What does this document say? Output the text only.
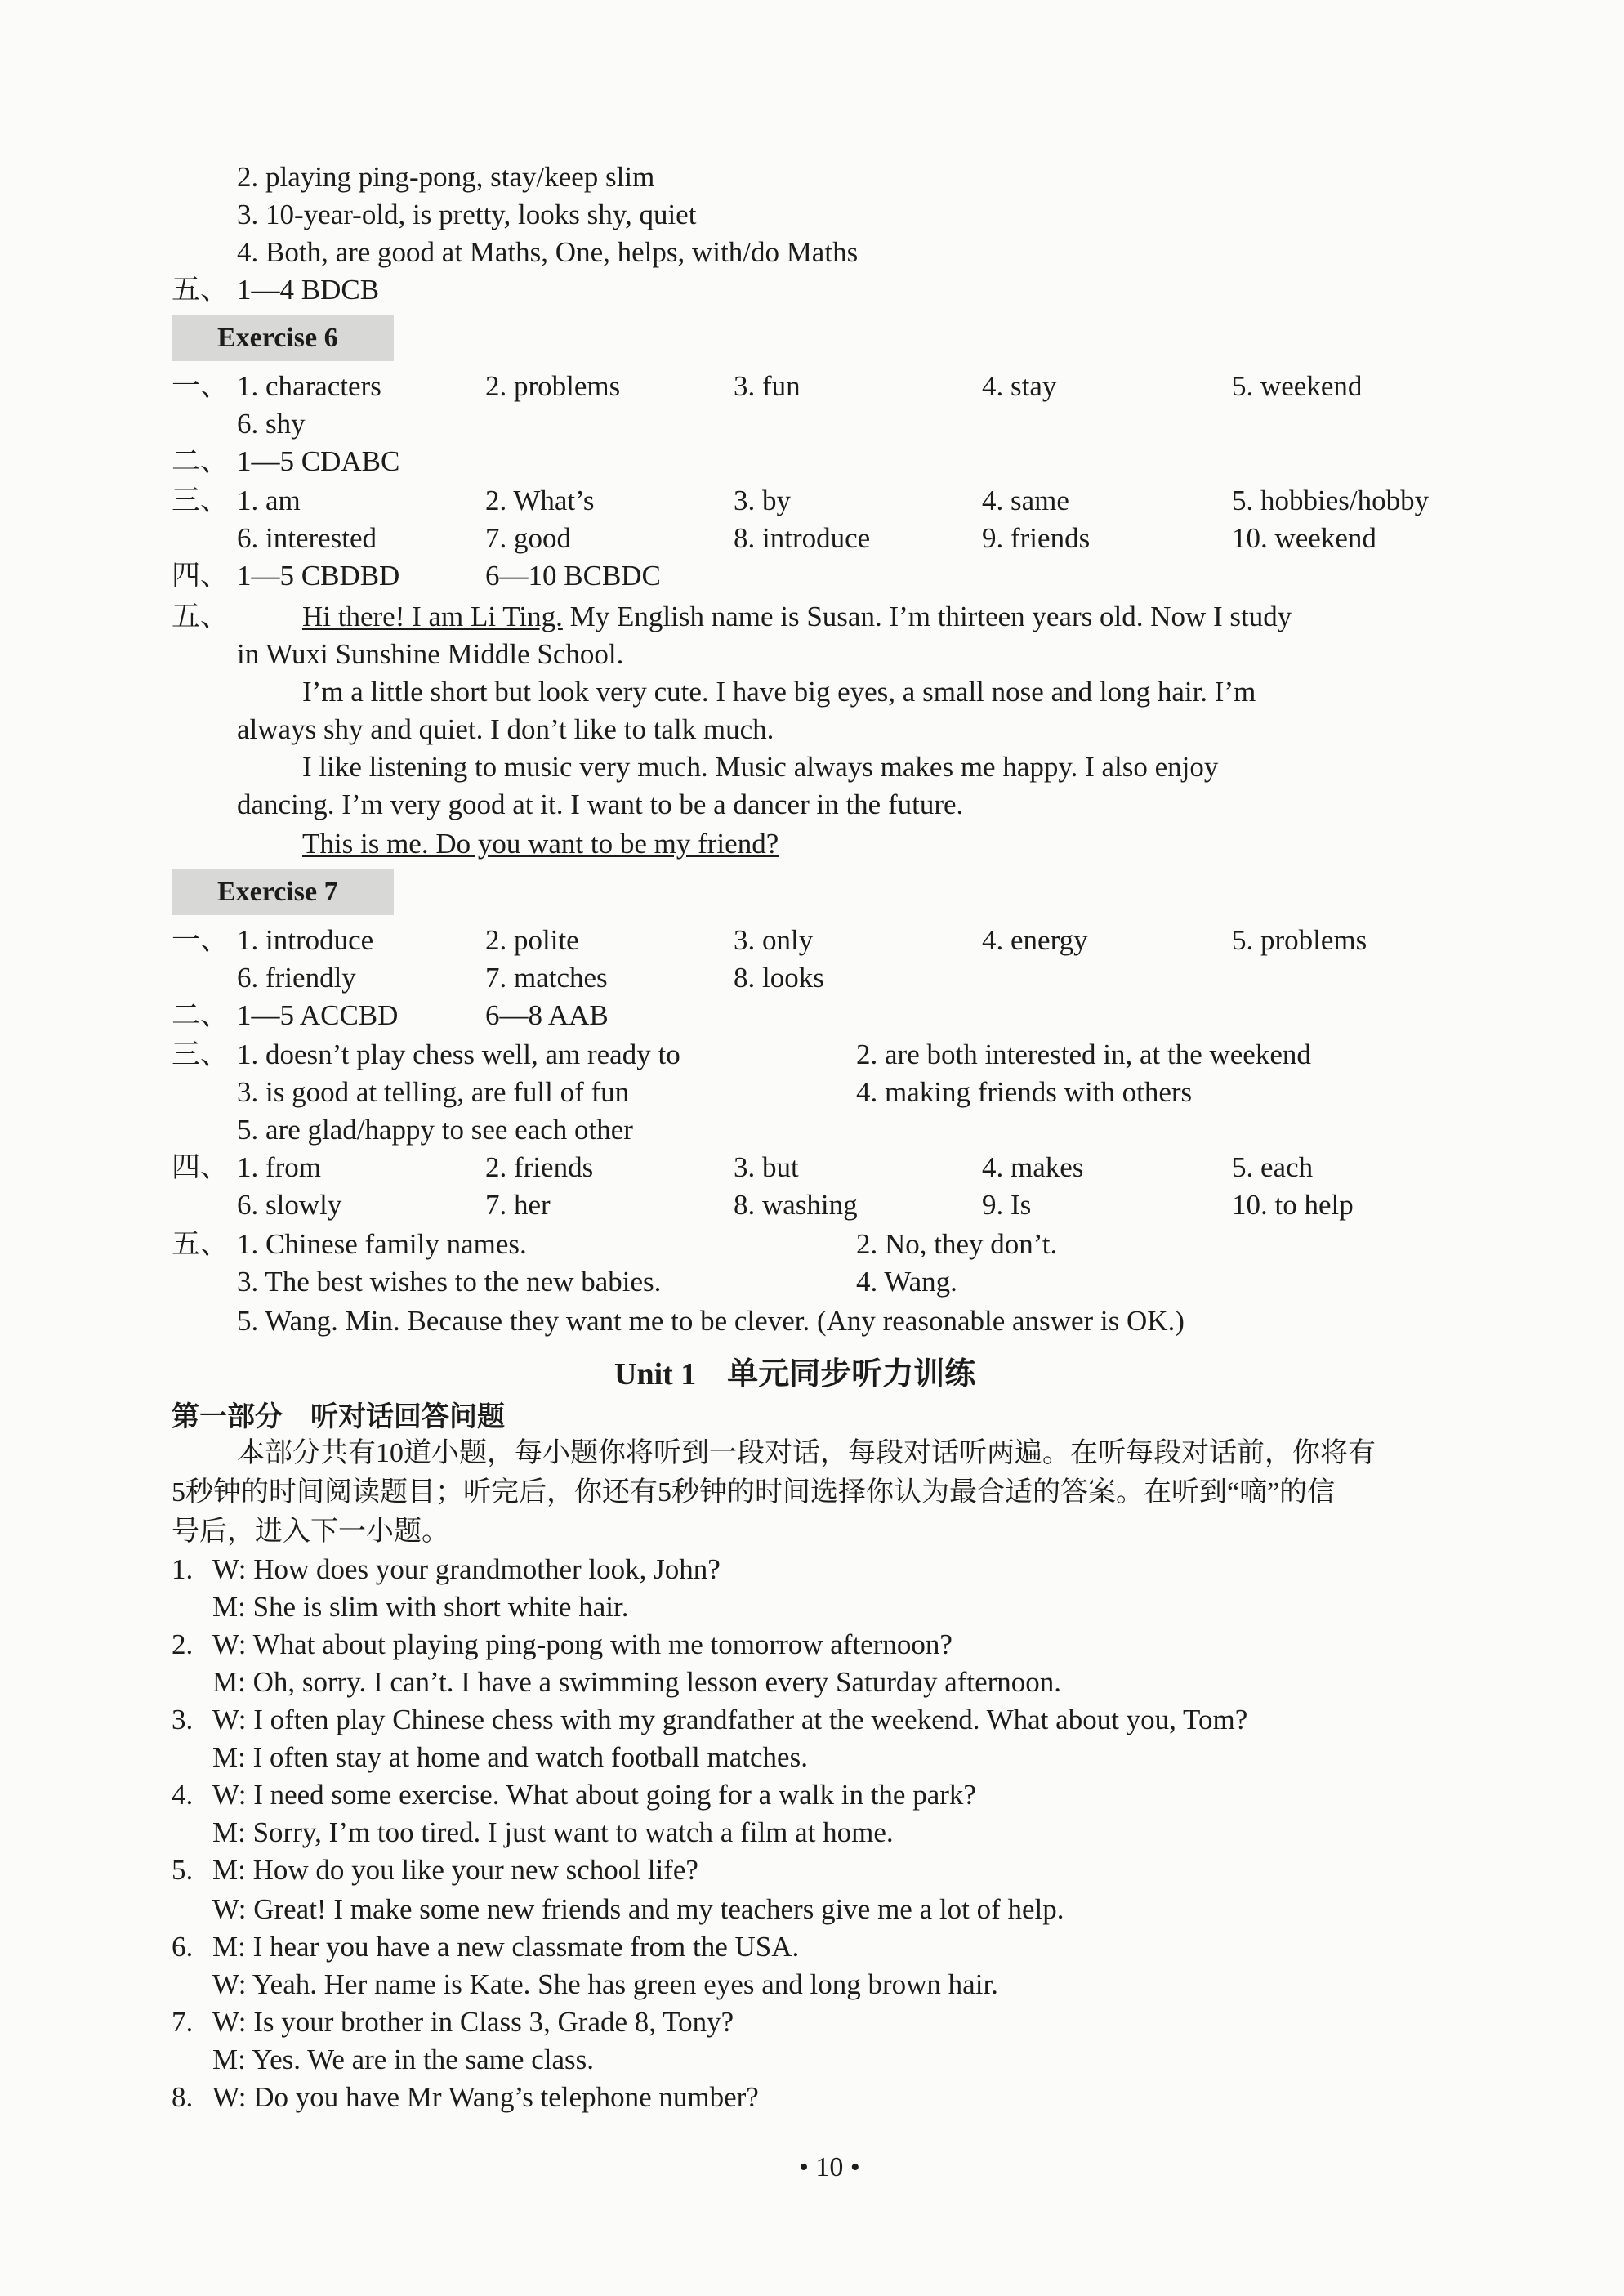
2. playing ping-pong, stay/keep slim
3. 10-year-old, is pretty, looks shy, quiet
4. Both, are good at Maths, One, helps, with/do Maths
五、 1—4 BDCB
Exercise 6
一、 1. characters	2. problems	3. fun	4. stay	5. weekend
6. shy
二、 1—5 CDABC
三、 1. am	2. What’s	3. by	4. same	5. hobbies/hobby
6. interested	7. good	8. introduce	9. friends	10. weekend
四、 1—5 CBDBD	6—10 BCBDC
五、	Hi there! I am Li Ting. My English name is Susan. I’m thirteen years old. Now I study
in Wuxi Sunshine Middle School.
I’m a little short but look very cute. I have big eyes, a small nose and long hair. I’m
always shy and quiet. I don’t like to talk much.
I like listening to music very much. Music always makes me happy. I also enjoy
dancing. I’m very good at it. I want to be a dancer in the future.
This is me. Do you want to be my friend?
Exercise 7
一、 1. introduce	2. polite	3. only	4. energy	5. problems
6. friendly	7. matches	8. looks
二、 1—5 ACCBD	6—8 AAB
三、 1. doesn’t play chess well, am ready to	2. are both interested in, at the weekend
3. is good at telling, are full of fun	4. making friends with others
5. are glad/happy to see each other
四、 1. from	2. friends	3. but	4. makes	5. each
6. slowly	7. her	8. washing	9. Is	10. to help
五、 1. Chinese family names.	2. No, they don’t.
3. The best wishes to the new babies.	4. Wang.
5. Wang. Min. Because they want me to be clever. (Any reasonable answer is OK.)
Unit 1　单元同步听力训练
第一部分　听对话回答问题
本部分共有10道小题，每小题你将听到一段对话，每段对话听两遍。在听每段对话前，你将有
5秒钟的时间阅读题目；听完后，你还有5秒钟的时间选择你认为最合适的答案。在听到“嘀”的信
号后，进入下一小题。
1. W: How does your grandmother look, John?
M: She is slim with short white hair.
2. W: What about playing ping-pong with me tomorrow afternoon?
M: Oh, sorry. I can’t. I have a swimming lesson every Saturday afternoon.
3. W: I often play Chinese chess with my grandfather at the weekend. What about you, Tom?
M: I often stay at home and watch football matches.
4. W: I need some exercise. What about going for a walk in the park?
M: Sorry, I’m too tired. I just want to watch a film at home.
5. M: How do you like your new school life?
W: Great! I make some new friends and my teachers give me a lot of help.
6. M: I hear you have a new classmate from the USA.
W: Yeah. Her name is Kate. She has green eyes and long brown hair.
7. W: Is your brother in Class 3, Grade 8, Tony?
M: Yes. We are in the same class.
8. W: Do you have Mr Wang’s telephone number?
• 10 •
